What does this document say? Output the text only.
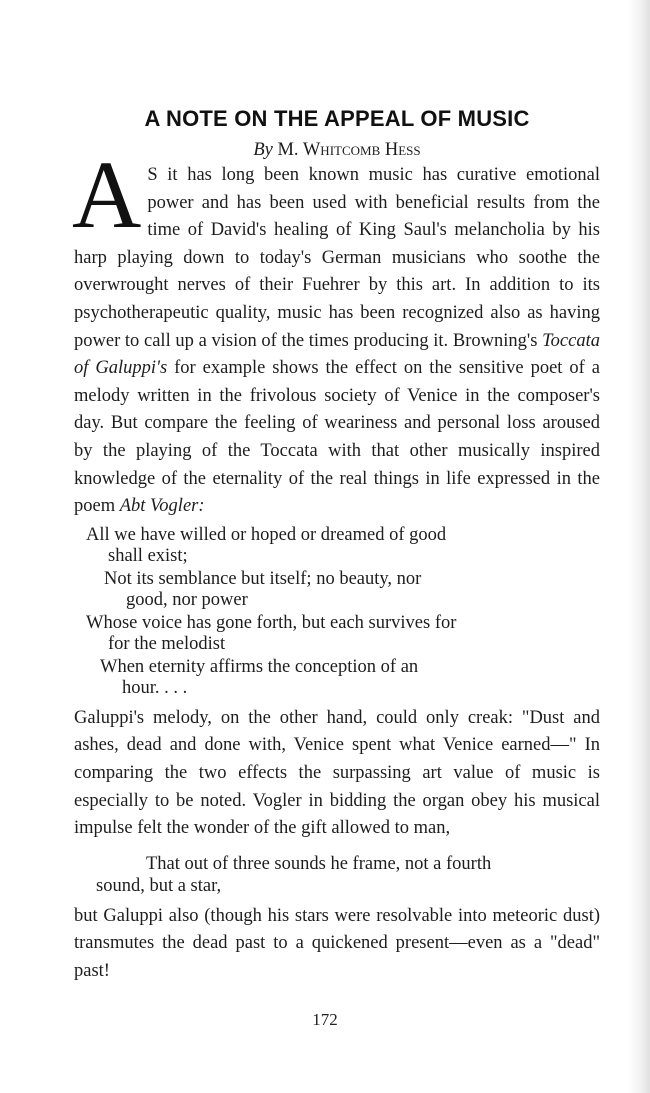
A NOTE ON THE APPEAL OF MUSIC
By M. Whitcomb Hess

A S it has long been known music has curative emotional power and has been used with beneficial results from the time of David's healing of King Saul's melancholia by his harp playing down to today's German musicians who soothe the overwrought nerves of their Fuehrer by this art. In addition to its psychotherapeutic quality, music has been recognized also as having power to call up a vision of the times producing it. Browning's Toccata of Galuppi's for example shows the effect on the sensitive poet of a melody written in the frivolous society of Venice in the composer's day. But compare the feeling of weariness and personal loss aroused by the playing of the Toccata with that other musically inspired knowledge of the eternality of the real things in life expressed in the poem Abt Vogler:

All we have willed or hoped or dreamed of good
shall exist;
Not its semblance but itself; no beauty, nor
good, nor power
Whose voice has gone forth, but each survives for
for the melodist
When eternity affirms the conception of an
hour. . . .

Galuppi's melody, on the other hand, could only creak: "Dust and ashes, dead and done with, Venice spent what Venice earned—" In comparing the two effects the surpassing art value of music is especially to be noted. Vogler in bidding the organ obey his musical impulse felt the wonder of the gift allowed to man,

That out of three sounds he frame, not a fourth
sound, but a star,

but Galuppi also (though his stars were resolvable into meteoric dust) transmutes the dead past to a quickened present—even as a "dead" past!

172
